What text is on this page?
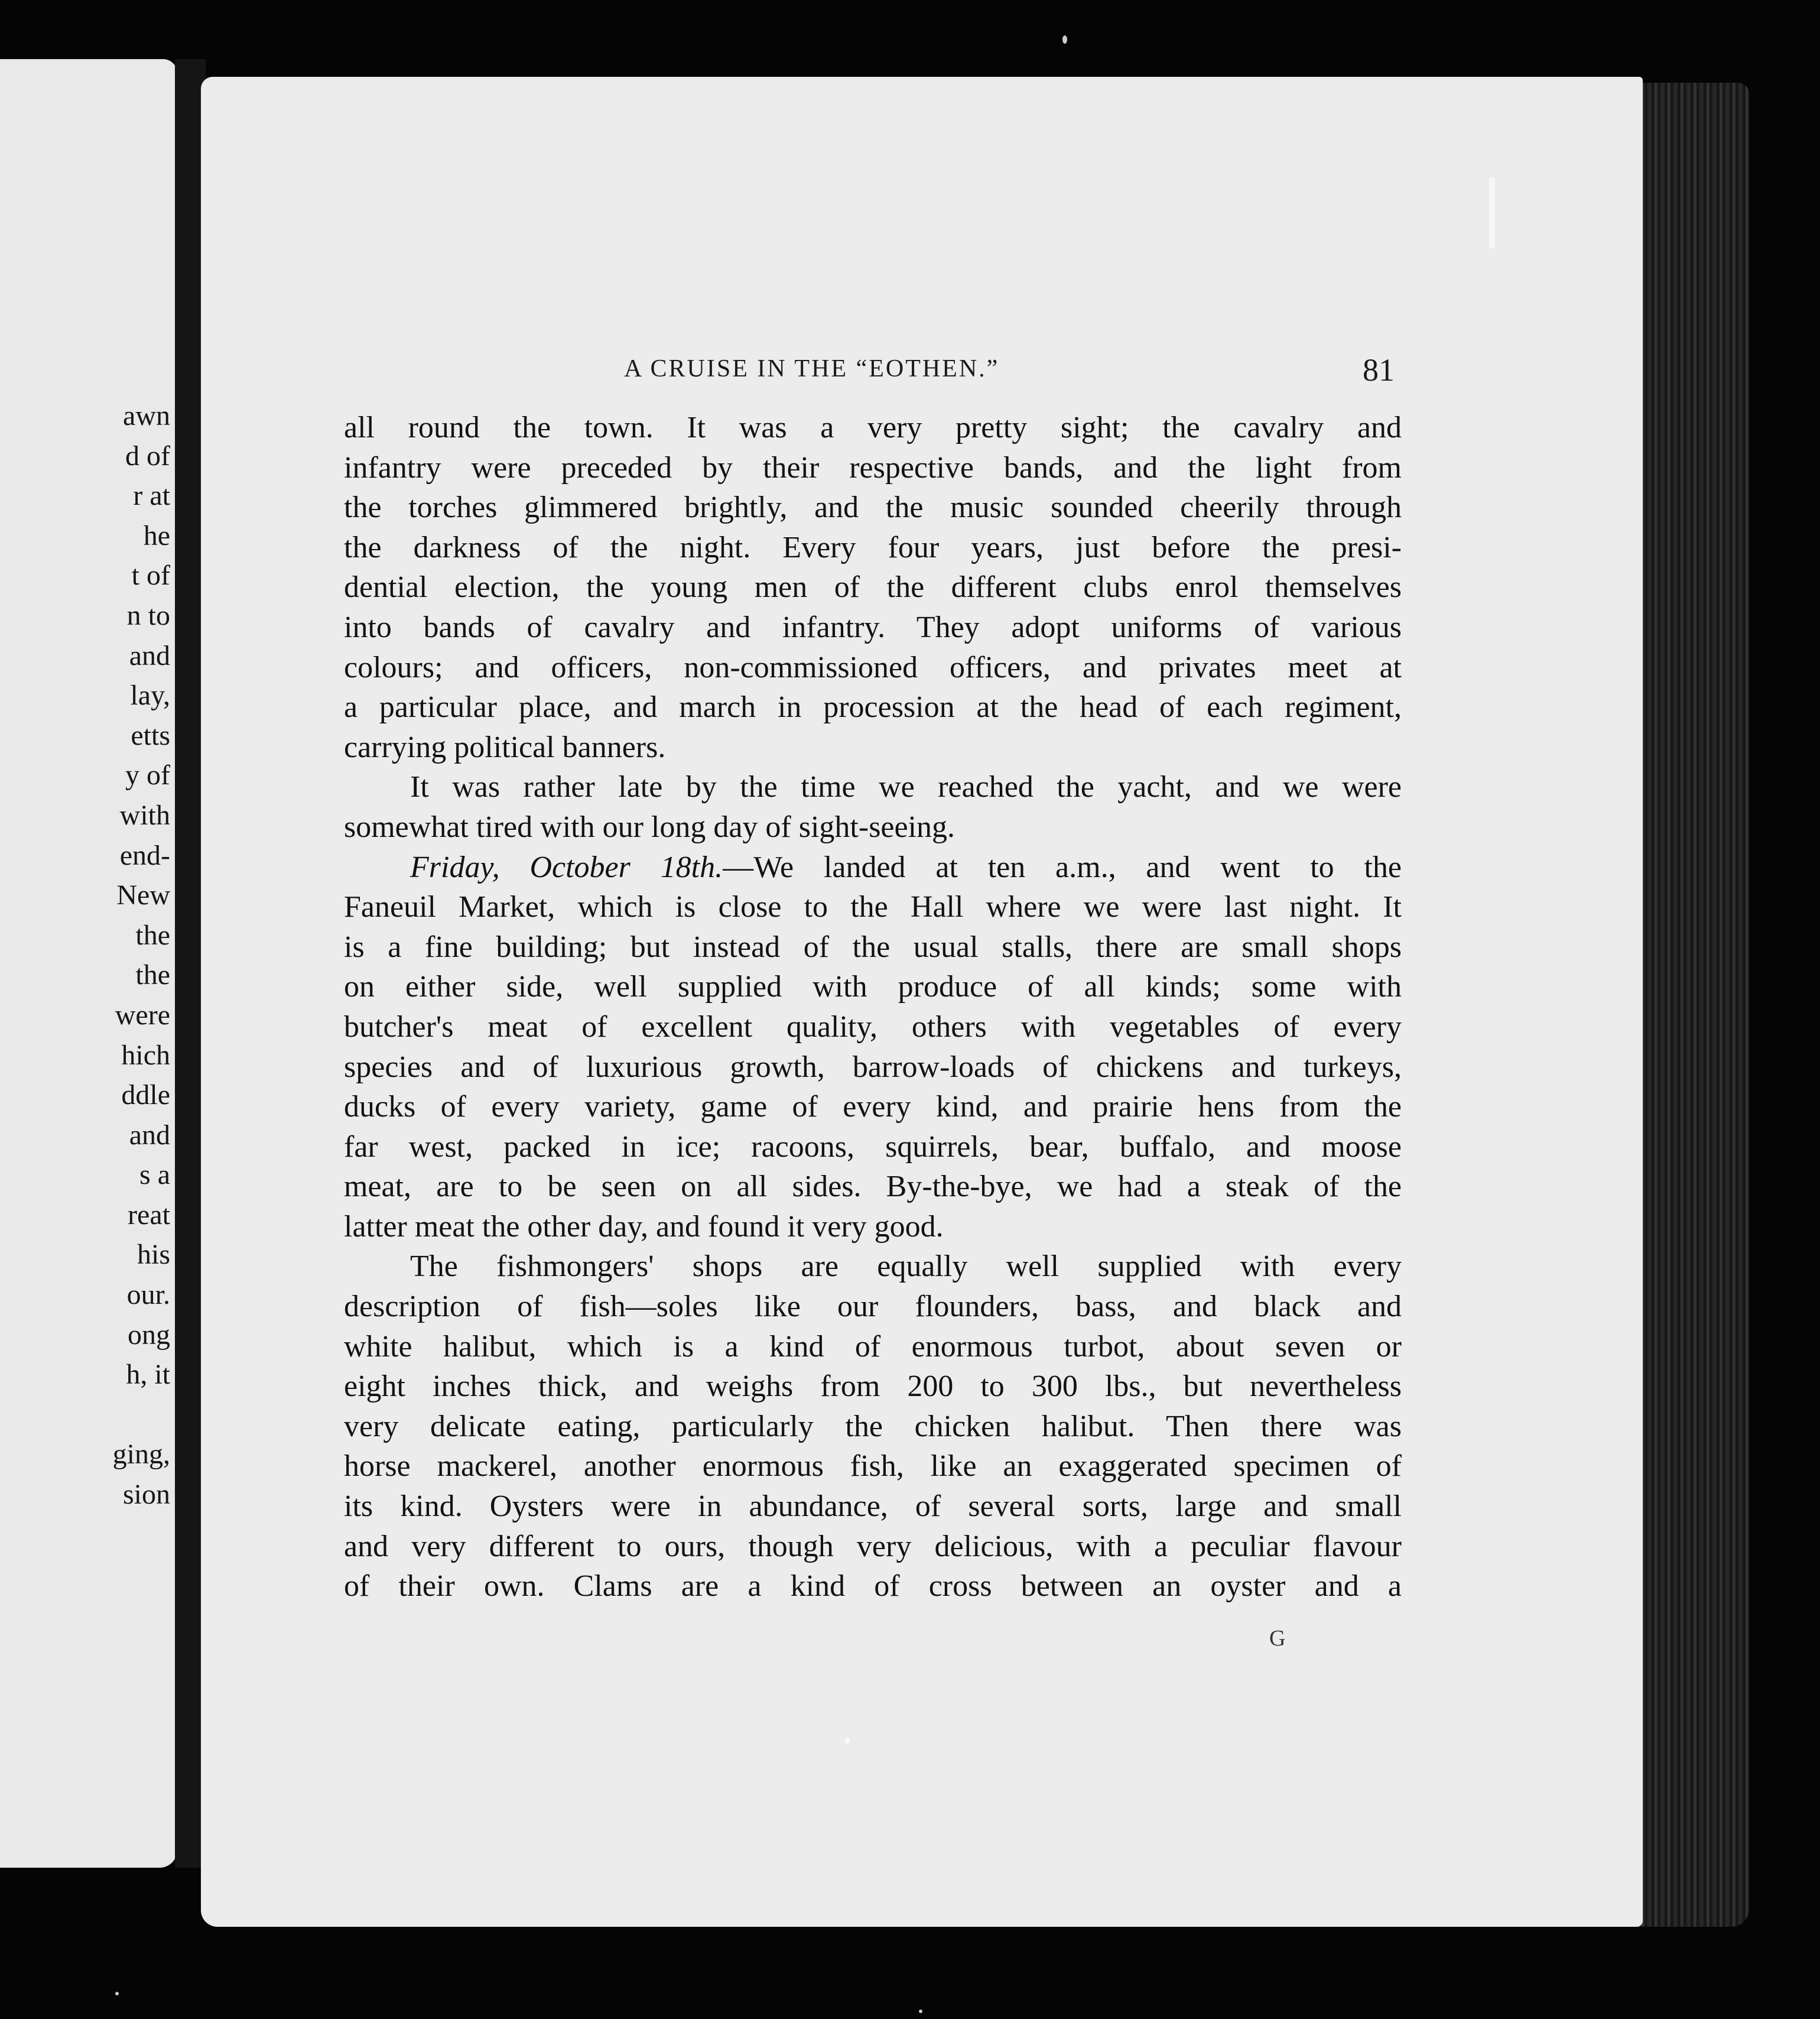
awn
d of
r at
he
t of
n to
and
lay,
etts
y of
with
end-
New
the
the
were
hich
ddle
and
s a
reat
his
our.
ong
h, it
ging,
sion
A CRUISE IN THE “EOTHEN.”	81
all round the town. It was a very pretty sight; the cavalry and
infantry were preceded by their respective bands, and the light from
the torches glimmered brightly, and the music sounded cheerily through
the darkness of the night. Every four years, just before the presi-
dential election, the young men of the different clubs enrol themselves
into bands of cavalry and infantry. They adopt uniforms of various
colours; and officers, non-commissioned officers, and privates meet at
a particular place, and march in procession at the head of each regiment,
carrying political banners.
It was rather late by the time we reached the yacht, and we were
somewhat tired with our long day of sight-seeing.
Friday, October 18th.—We landed at ten a.m., and went to the
Faneuil Market, which is close to the Hall where we were last night. It
is a fine building; but instead of the usual stalls, there are small shops
on either side, well supplied with produce of all kinds; some with
butcher's meat of excellent quality, others with vegetables of every
species and of luxurious growth, barrow-loads of chickens and turkeys,
ducks of every variety, game of every kind, and prairie hens from the
far west, packed in ice; racoons, squirrels, bear, buffalo, and moose
meat, are to be seen on all sides. By-the-bye, we had a steak of the
latter meat the other day, and found it very good.
The fishmongers' shops are equally well supplied with every
description of fish—soles like our flounders, bass, and black and
white halibut, which is a kind of enormous turbot, about seven or
eight inches thick, and weighs from 200 to 300 lbs., but nevertheless
very delicate eating, particularly the chicken halibut. Then there was
horse mackerel, another enormous fish, like an exaggerated specimen of
its kind. Oysters were in abundance, of several sorts, large and small
and very different to ours, though very delicious, with a peculiar flavour
of their own. Clams are a kind of cross between an oyster and a
G
